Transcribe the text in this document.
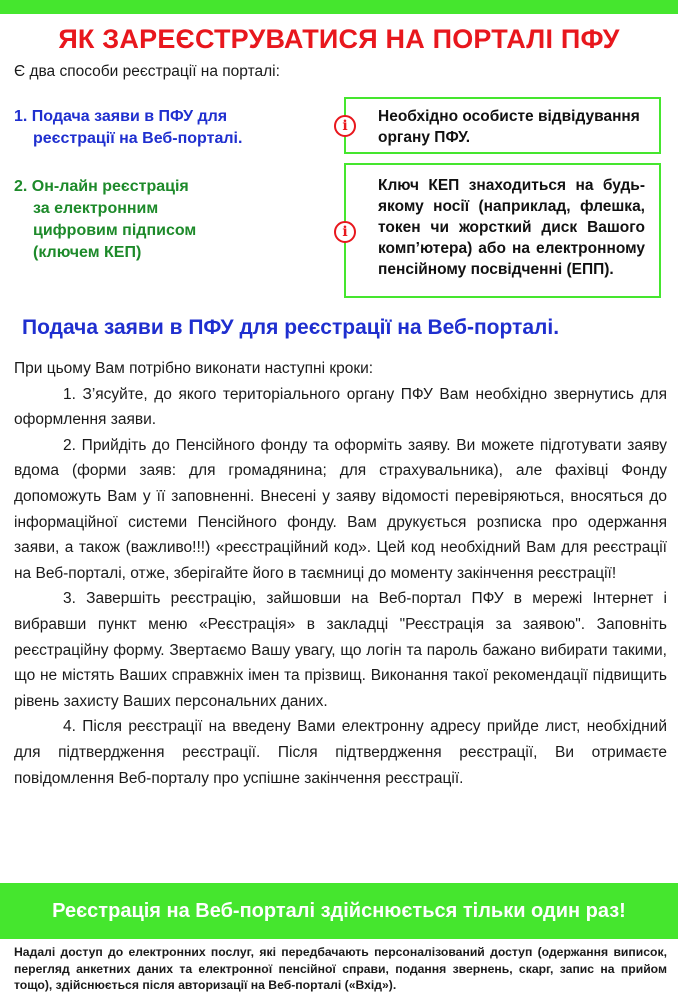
ЯК ЗАРЕЄСТРУВАТИСЯ НА ПОРТАЛІ ПФУ
Є два способи реєстрації на порталі:
1. Подача заяви в ПФУ для
реєстрації на Веб-порталі.
2. Он-лайн реєстрація
за електронним
цифровим підписом
(ключем КЕП)
i
Необхідно особисте відвідування органу ПФУ.
i
Ключ КЕП знаходиться на будь-якому носії (наприклад, флешка, токен чи жорсткий диск Вашого комп’ютера) або на електронному пенсійному посвідченні (ЕПП).
Подача заяви в ПФУ для реєстрації на Веб-порталі.

При цьому Вам потрібно виконати наступні кроки:

1. З’ясуйте, до якого територіального органу ПФУ Вам необхідно звернутись для оформлення заяви.

2. Прийдіть до Пенсійного фонду та оформіть заяву. Ви можете підготувати заяву вдома (форми заяв: для громадянина; для страхувальника), але фахівці Фонду допоможуть Вам у її заповненні. Внесені у заяву відомості перевіряються, вносяться до інформаційної системи Пенсійного фонду. Вам друкується розписка про одержання заяви, а також (важливо!!!) «реєстраційний код». Цей код необхідний Вам для реєстрації на Веб-порталі, отже, зберігайте його в таємниці до моменту закінчення реєстрації!

3. Завершіть реєстрацію, зайшовши на Веб-портал ПФУ в мережі Інтернет і вибравши пункт меню «Реєстрація» в закладці "Реєстрація за заявою". Заповніть реєстраційну форму. Звертаємо Вашу увагу, що логін та пароль бажано вибирати такими, що не містять Ваших справжніх імен та прізвищ. Виконання такої рекомендації підвищить рівень захисту Ваших персональних даних.

4. Після реєстрації на введену Вами електронну адресу прийде лист, необхідний для підтвердження реєстрації. Після підтвердження реєстрації, Ви отримаєте повідомлення Веб-порталу про успішне закінчення реєстрації.

Реєстрація на Веб-порталі здійснюється тільки один раз!
Надалі доступ до електронних послуг, які передбачають персоналізований доступ (одержання виписок, перегляд анкетних даних та електронної пенсійної справи, подання звернень, скарг, запис на прийом тощо), здійснюється після авторизації на Веб-порталі («Вхід»).
